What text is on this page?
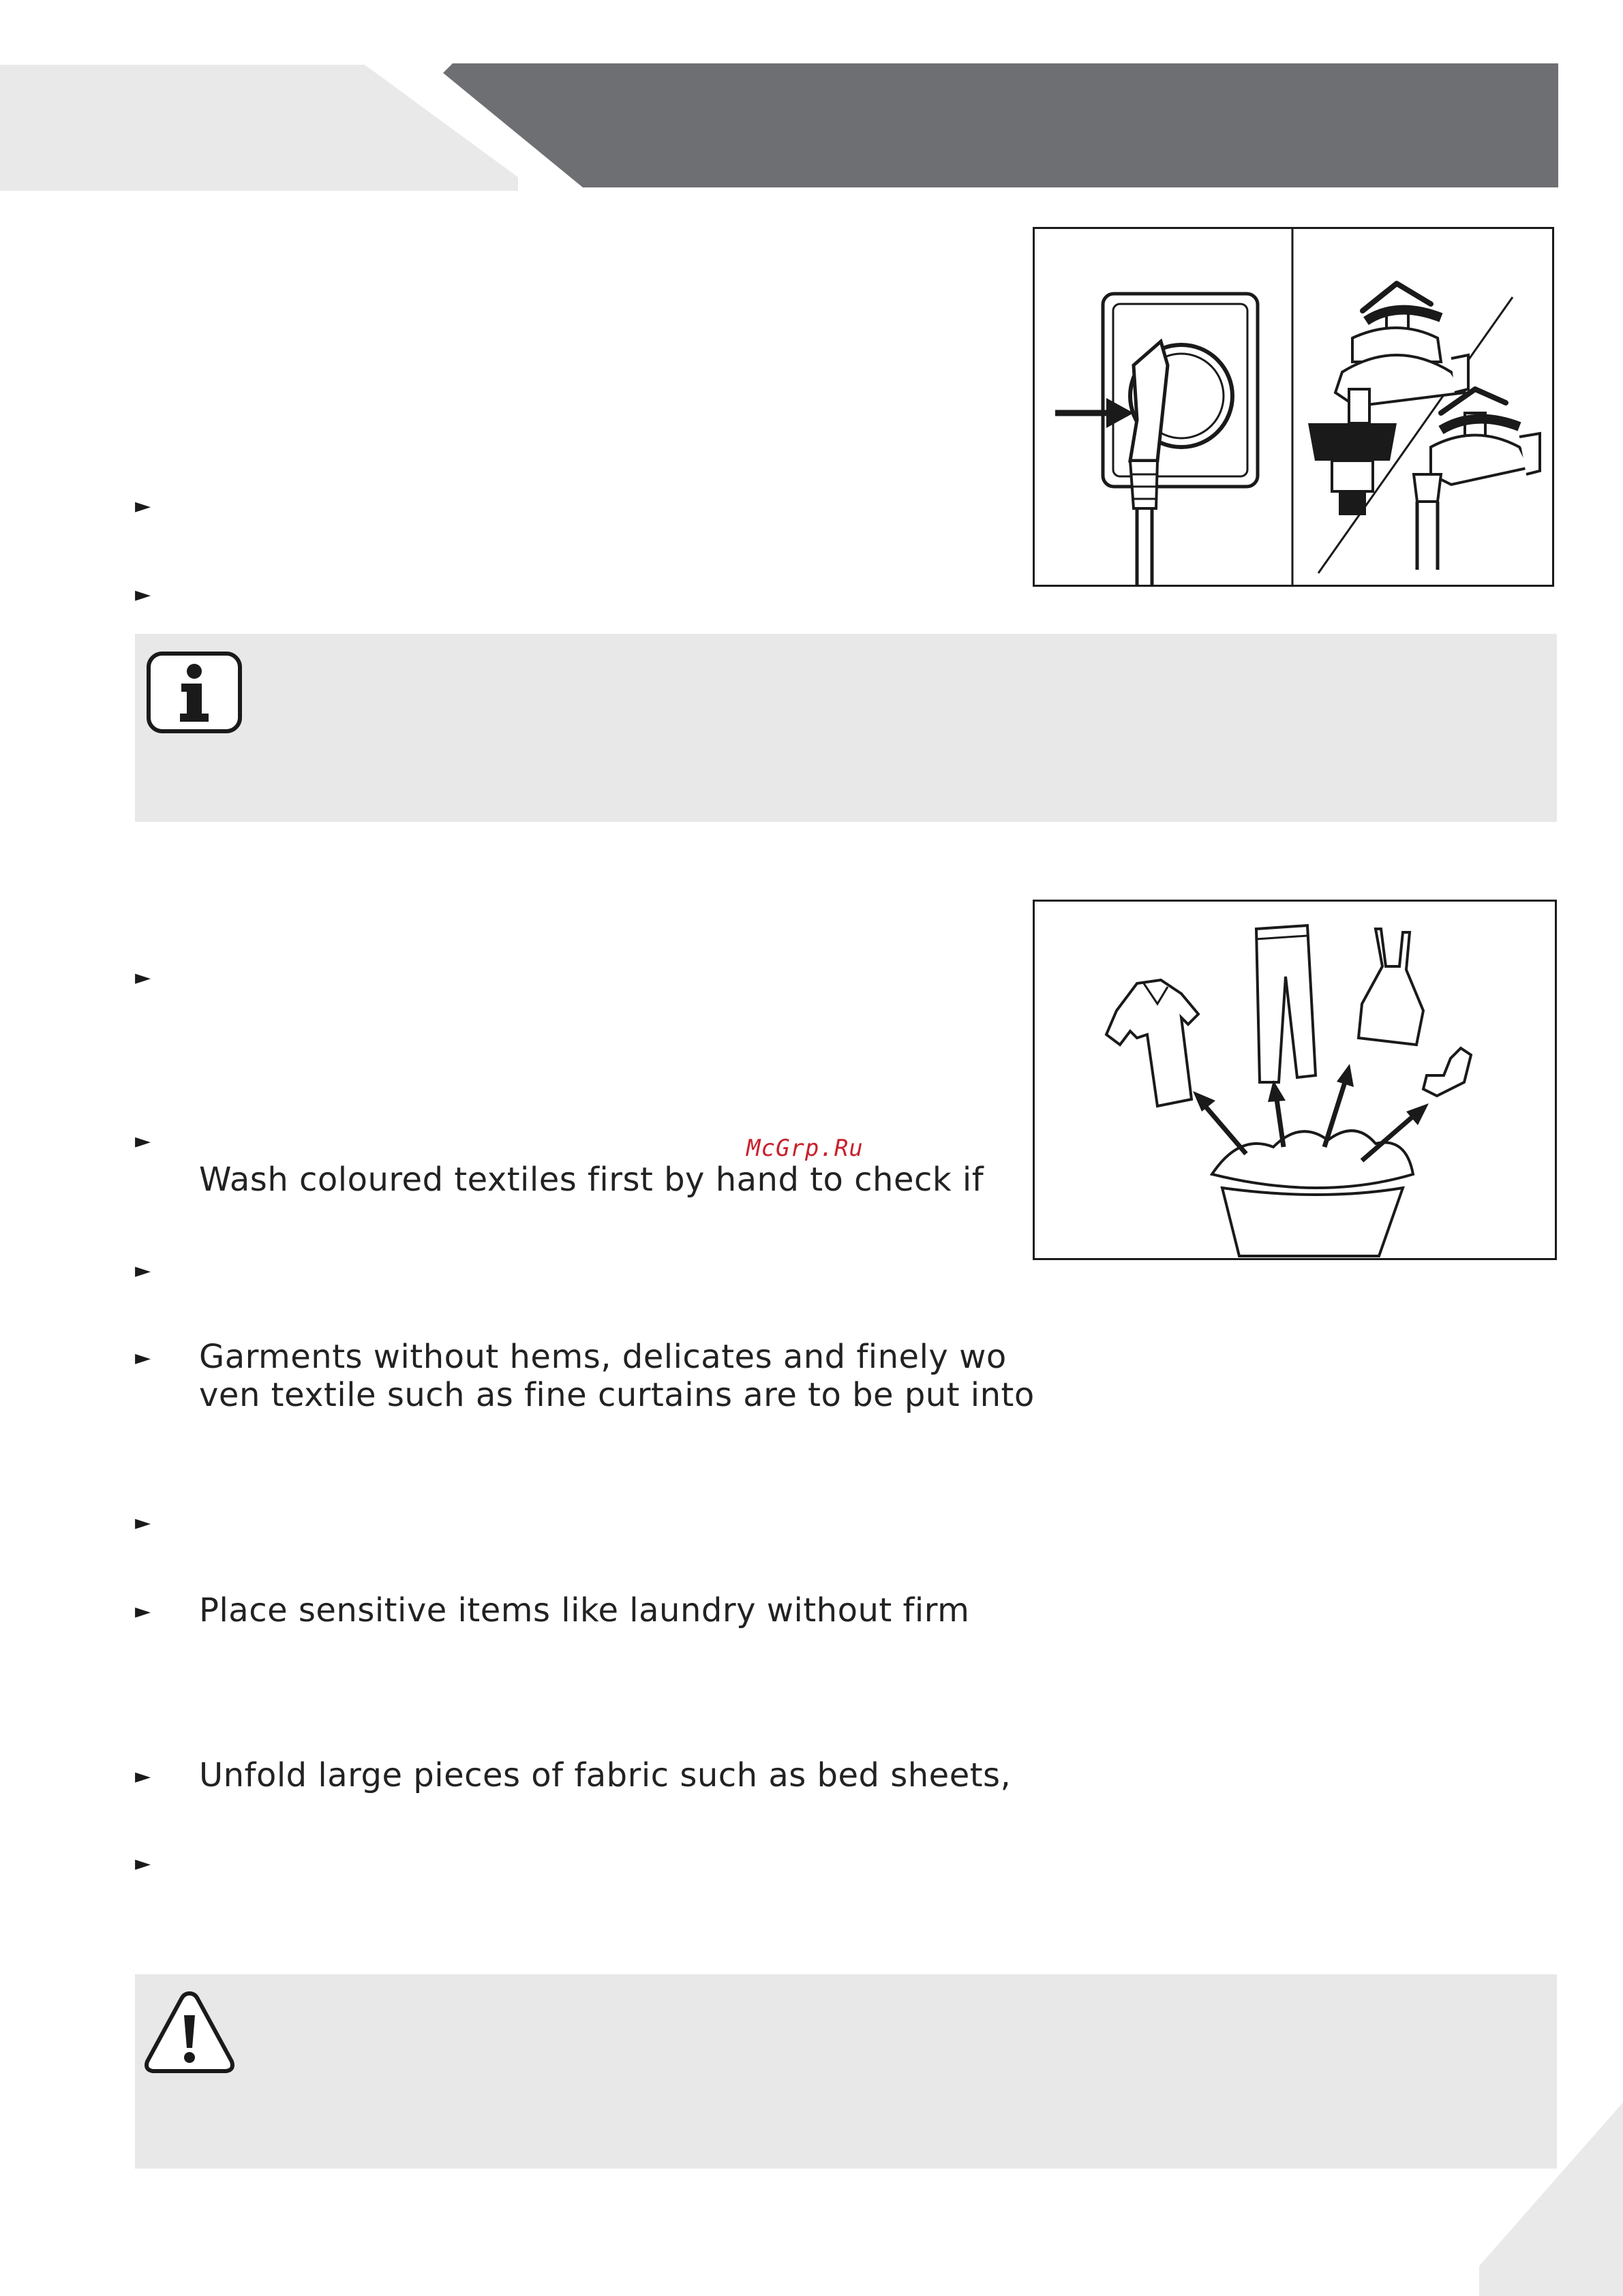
►
►
McGrp.Ru
►
►
Wash coloured textiles first by hand to check if
►
► Garments without hems, delicates and finely wo
ven textile such as fine curtains are to be put into
►
► Place sensitive items like laundry without firm
► Unfold large pieces of fabric such as bed sheets,
►
